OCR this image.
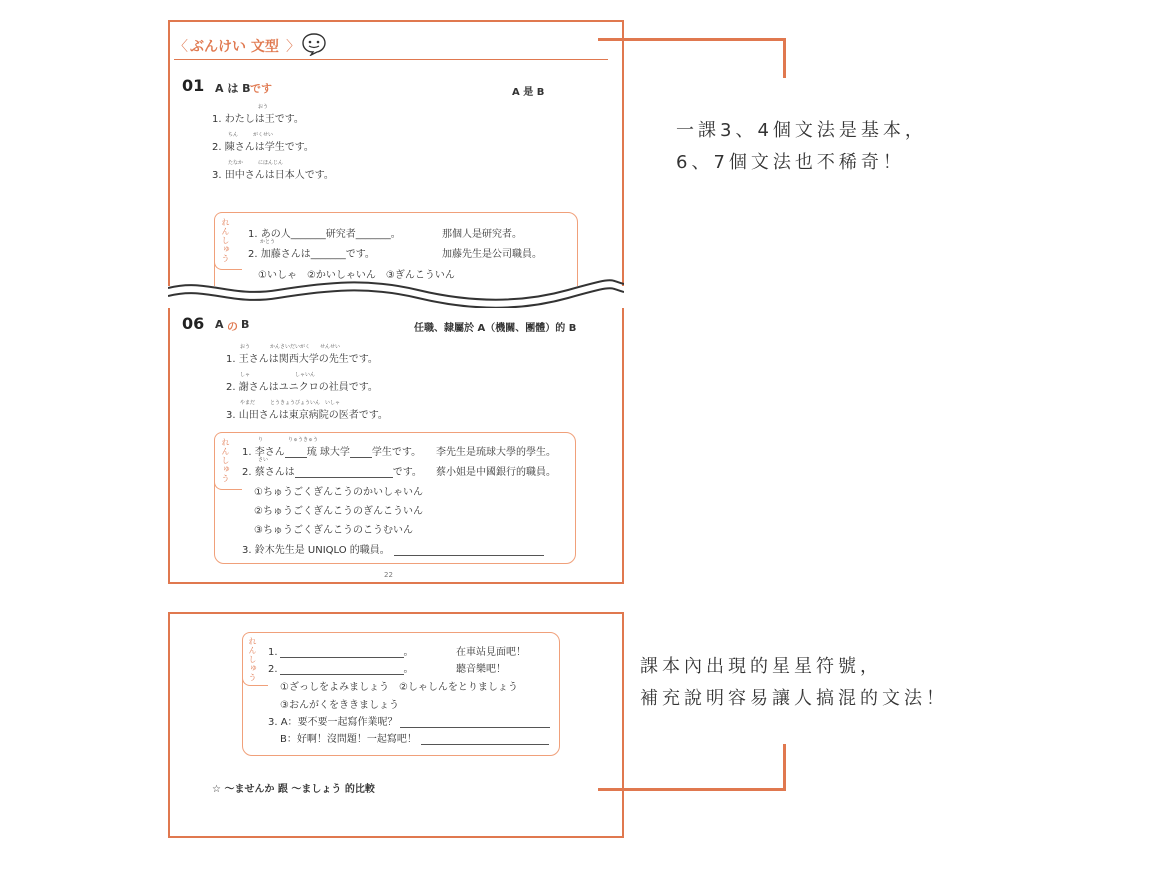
〈 ぶんけい 文型 〉
01 A は B です	A 是 B
おう
1. わたしは王です。
ちん　　　がくせい
2. 陳さんは学生です。
たなか　　　にほんじん
3. 田中さんは日本人です。
れんしゅう 1. あの人_______研究者_______。	那個人是研究者。
かとう
2. 加藤さんは_______です。	加藤先生是公司職員。
①いしゃ　②かいしゃいん　③ぎんこういん
06 A の B	任職、隸屬於 A（機關、團體）的 B
おう　　　　かんさいだいがく　　せんせい
1. 王さんは関西大学の先生です。
しゃ　　　　　　　　　しゃいん
2. 謝さんはユニクロの社員です。
やまだ　　　とうきょうびょういん　いしゃ
3. 山田さんは東京病院の医者です。
れんしゅう	り　　　　　りゅうきゅう
1. 李さん 琉 球大学 学生です。 李先生是琉球大學的學生。
さい
2. 蔡さんは	です。 蔡小姐是中國銀行的職員。
①ちゅうごくぎんこうのかいしゃいん
②ちゅうごくぎんこうのぎんこういん
③ちゅうごくぎんこうのこうむいん
3. 鈴木先生是 UNIQLO 的職員。
22
れんしゅう 1.	。	在車站見面吧！
2.	。	聽音樂吧！
①ざっしをよみましょう　②しゃしんをとりましょう
③おんがくをききましょう
3. A：要不要一起寫作業呢？
B：好啊！沒問題！一起寫吧！
☆ 〜ませんか 跟 〜ましょう 的比較
一課3、4個文法是基本，
6、7個文法也不稀奇！
課本內出現的星星符號，
補充說明容易讓人搞混的文法！
